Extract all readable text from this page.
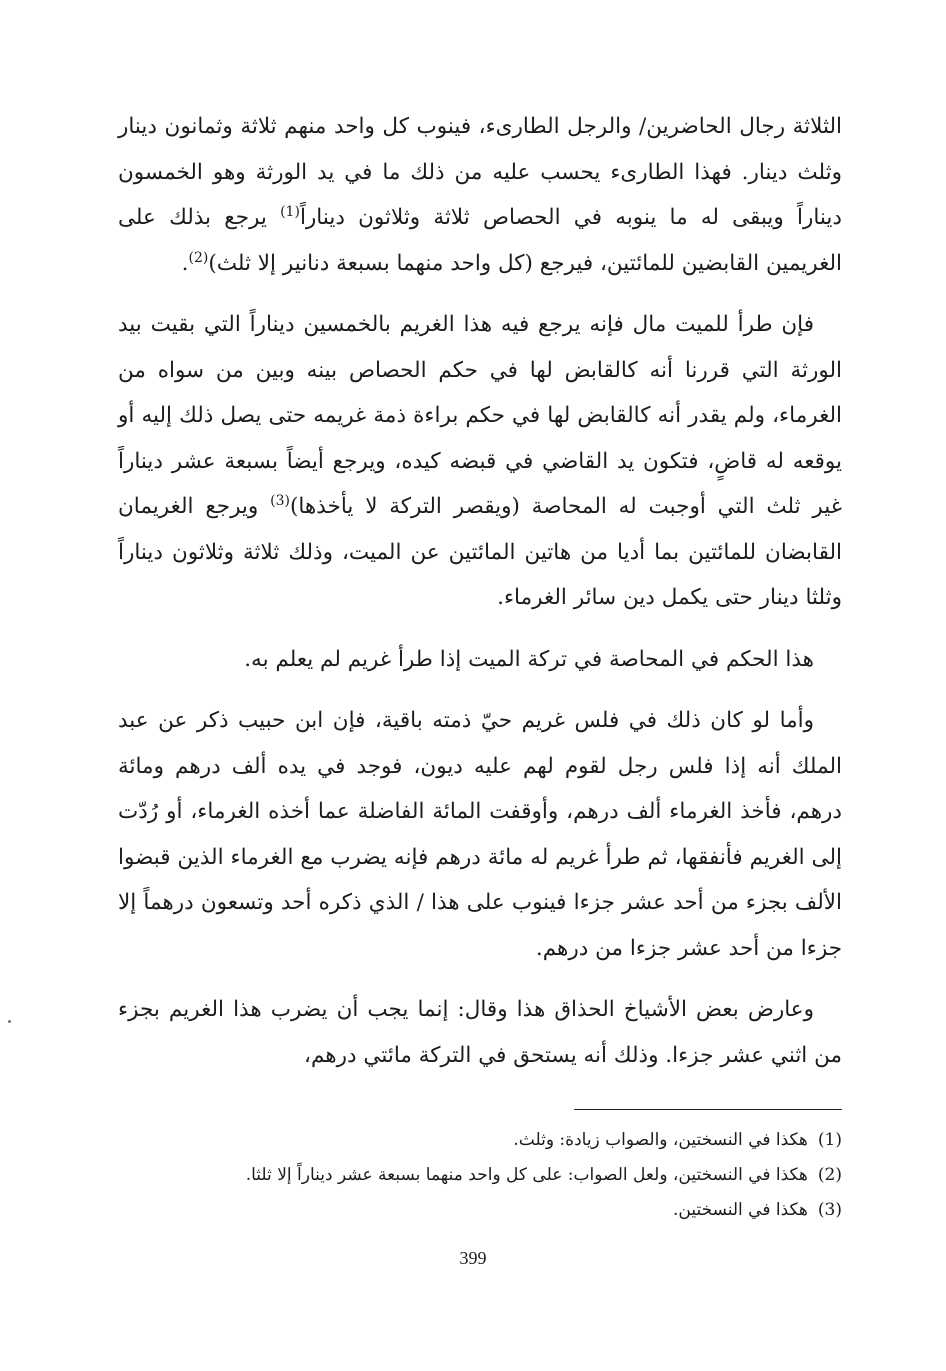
الثلاثة رجال الحاضرين/ والرجل الطارىء، فينوب كل واحد منهم ثلاثة وثمانون دينار وثلث دينار. فهذا الطارىء يحسب عليه من ذلك ما في يد الورثة وهو الخمسون ديناراً ويبقى له ما ينوبه في الحصاص ثلاثة وثلاثون ديناراً$^{(1)}$ يرجع بذلك على الغريمين القابضين للمائتين، فيرجع (كل واحد منهما بسبعة دنانير إلا ثلث)$^{(2)}$.

فإن طرأ للميت مال فإنه يرجع فيه هذا الغريم بالخمسين ديناراً التي بقيت بيد الورثة التي قررنا أنه كالقابض لها في حكم الحصاص بينه وبين من سواه من الغرماء، ولم يقدر أنه كالقابض لها في حكم براءة ذمة غريمه حتى يصل ذلك إليه أو يوقعه له قاضٍ، فتكون يد القاضي في قبضه كيده، ويرجع أيضاً بسبعة عشر ديناراً غير ثلث التي أوجبت له المحاصة (ويقصر التركة لا يأخذها)$^{(3)}$ ويرجع الغريمان القابضان للمائتين بما أديا من هاتين المائتين عن الميت، وذلك ثلاثة وثلاثون ديناراً وثلثا دينار حتى يكمل دين سائر الغرماء.

هذا الحكم في المحاصة في تركة الميت إذا طرأ غريم لم يعلم به.

وأما لو كان ذلك في فلس غريم حيّ ذمته باقية، فإن ابن حبيب ذكر عن عبد الملك أنه إذا فلس رجل لقوم لهم عليه ديون، فوجد في يده ألف درهم ومائة درهم، فأخذ الغرماء ألف درهم، وأوقفت المائة الفاضلة عما أخذه الغرماء، أو رُدّت إلى الغريم فأنفقها، ثم طرأ غريم له مائة درهم فإنه يضرب مع الغرماء الذين قبضوا الألف بجزء من أحد عشر جزءا فينوب على هذا / الذي ذكره أحد وتسعون درهماً إلا جزءا من أحد عشر جزءا من درهم.

وعارض بعض الأشياخ الحذاق هذا وقال: إنما يجب أن يضرب هذا الغريم بجزء من اثني عشر جزءا. وذلك أنه يستحق في التركة مائتي درهم،

(1)هكذا في النسختين، والصواب زيادة: وثلث.
(2)هكذا في النسختين، ولعل الصواب: على كل واحد منهما بسبعة عشر ديناراً إلا ثلثا.
(3)هكذا في النسختين.
399
